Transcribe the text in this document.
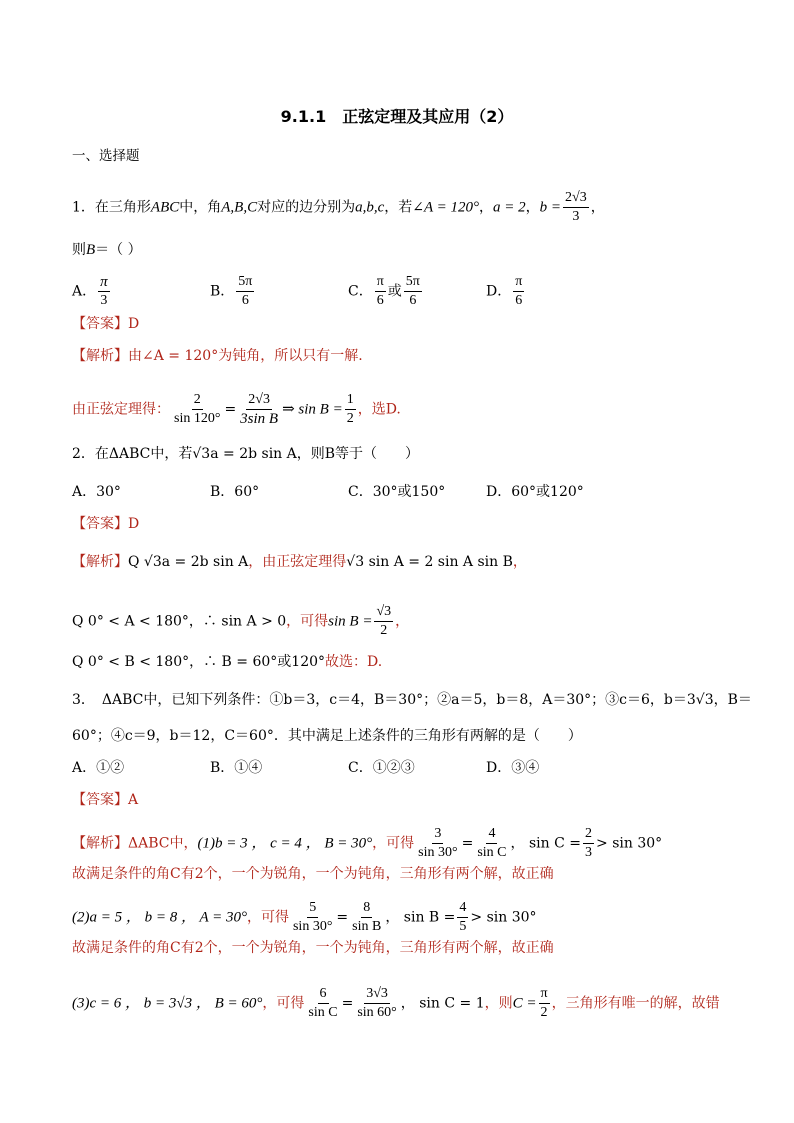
9.1.1　正弦定理及其应用（2）
一、选择题
1．在三角形ABC中，角A,B,C对应的边分别为a,b,c，若∠A = 120°，a = 2，$b = \frac{2√3}{3}$ ，
则B＝（ ）
A． $\frac{\pi}{3}$	B． $\frac{5\pi}{6}$	C． $\frac{\pi}{6}$ 或 $\frac{5\pi}{6}$	D． $\frac{\pi}{6}$
【答案】D
【解析】由∠A = 120°为钝角，所以只有一解.
由正弦定理得： $\frac{2}{\sin 120^\circ} = \frac{2√3}{\text{3sin B}}$ ⇒ $\sin B = \frac{1}{2}$ ，选D.
2．在ΔABC中，若√3a = 2b sin A，则B等于（　　）
A．30°	B．60°	C．30°或150°	D．60°或120°
【答案】D
【解析】Q √3a = 2b sin A，由正弦定理得√3 sin A = 2 sin A sin B，
Q 0° < A < 180°，∴ sin A > 0，可得$\sin B = \frac{√3}{2}$ ，
Q 0° < B < 180°，∴ B = 60°或120°故选：D.
3．　ΔABC中，已知下列条件：①b＝3，c＝4，B＝30°；②a＝5，b＝8，A＝30°；③c＝6，b＝3√3，B＝
60°；④c＝9，b＝12，C＝60°．其中满足上述条件的三角形有两解的是（　　）
A．①②	B．①④	C．①②③	D．③④
【答案】A
【解析】ΔABC中，(1)b = 3 ， c = 4 ， B = 30°，可得 $\frac{3}{\sin 30^\circ} = \frac{4}{\text{sin C}}$ ， $\sin C = \frac{2}{3} > \sin 30^\circ$
故满足条件的角C有2个，一个为锐角，一个为钝角，三角形有两个解，故正确
(2)a = 5 ， b = 8 ， A = 30°，可得 $\frac{5}{\sin 30^\circ} = \frac{8}{\text{sin B}}$ ， $\sin B = \frac{4}{5} > \sin 30^\circ$
故满足条件的角C有2个，一个为锐角，一个为钝角，三角形有两个解，故正确
(3)c = 6 ， b = 3√3 ， B = 60°，可得 $\frac{6}{\text{sin C}} = \frac{3√3}{\sin 60^\circ}$ ， sin C = 1，则$C = \frac{\pi}{2}$ ，三角形有唯一的解，故错
